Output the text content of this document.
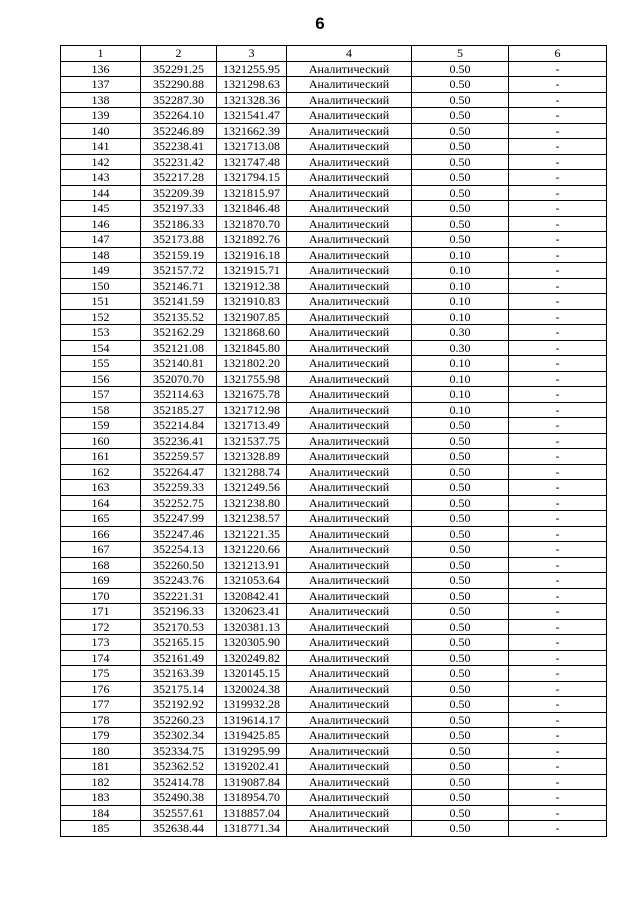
6
1	2	3	4	5	6
136	352291.25	1321255.95	Аналитический	0.50	-
137	352290.88	1321298.63	Аналитический	0.50	-
138	352287.30	1321328.36	Аналитический	0.50	-
139	352264.10	1321541.47	Аналитический	0.50	-
140	352246.89	1321662.39	Аналитический	0.50	-
141	352238.41	1321713.08	Аналитический	0.50	-
142	352231.42	1321747.48	Аналитический	0.50	-
143	352217.28	1321794.15	Аналитический	0.50	-
144	352209.39	1321815.97	Аналитический	0.50	-
145	352197.33	1321846.48	Аналитический	0.50	-
146	352186.33	1321870.70	Аналитический	0.50	-
147	352173.88	1321892.76	Аналитический	0.50	-
148	352159.19	1321916.18	Аналитический	0.10	-
149	352157.72	1321915.71	Аналитический	0.10	-
150	352146.71	1321912.38	Аналитический	0.10	-
151	352141.59	1321910.83	Аналитический	0.10	-
152	352135.52	1321907.85	Аналитический	0.10	-
153	352162.29	1321868.60	Аналитический	0.30	-
154	352121.08	1321845.80	Аналитический	0.30	-
155	352140.81	1321802.20	Аналитический	0.10	-
156	352070.70	1321755.98	Аналитический	0.10	-
157	352114.63	1321675.78	Аналитический	0.10	-
158	352185.27	1321712.98	Аналитический	0.10	-
159	352214.84	1321713.49	Аналитический	0.50	-
160	352236.41	1321537.75	Аналитический	0.50	-
161	352259.57	1321328.89	Аналитический	0.50	-
162	352264.47	1321288.74	Аналитический	0.50	-
163	352259.33	1321249.56	Аналитический	0.50	-
164	352252.75	1321238.80	Аналитический	0.50	-
165	352247.99	1321238.57	Аналитический	0.50	-
166	352247.46	1321221.35	Аналитический	0.50	-
167	352254.13	1321220.66	Аналитический	0.50	-
168	352260.50	1321213.91	Аналитический	0.50	-
169	352243.76	1321053.64	Аналитический	0.50	-
170	352221.31	1320842.41	Аналитический	0.50	-
171	352196.33	1320623.41	Аналитический	0.50	-
172	352170.53	1320381.13	Аналитический	0.50	-
173	352165.15	1320305.90	Аналитический	0.50	-
174	352161.49	1320249.82	Аналитический	0.50	-
175	352163.39	1320145.15	Аналитический	0.50	-
176	352175.14	1320024.38	Аналитический	0.50	-
177	352192.92	1319932.28	Аналитический	0.50	-
178	352260.23	1319614.17	Аналитический	0.50	-
179	352302.34	1319425.85	Аналитический	0.50	-
180	352334.75	1319295.99	Аналитический	0.50	-
181	352362.52	1319202.41	Аналитический	0.50	-
182	352414.78	1319087.84	Аналитический	0.50	-
183	352490.38	1318954.70	Аналитический	0.50	-
184	352557.61	1318857.04	Аналитический	0.50	-
185	352638.44	1318771.34	Аналитический	0.50	-
